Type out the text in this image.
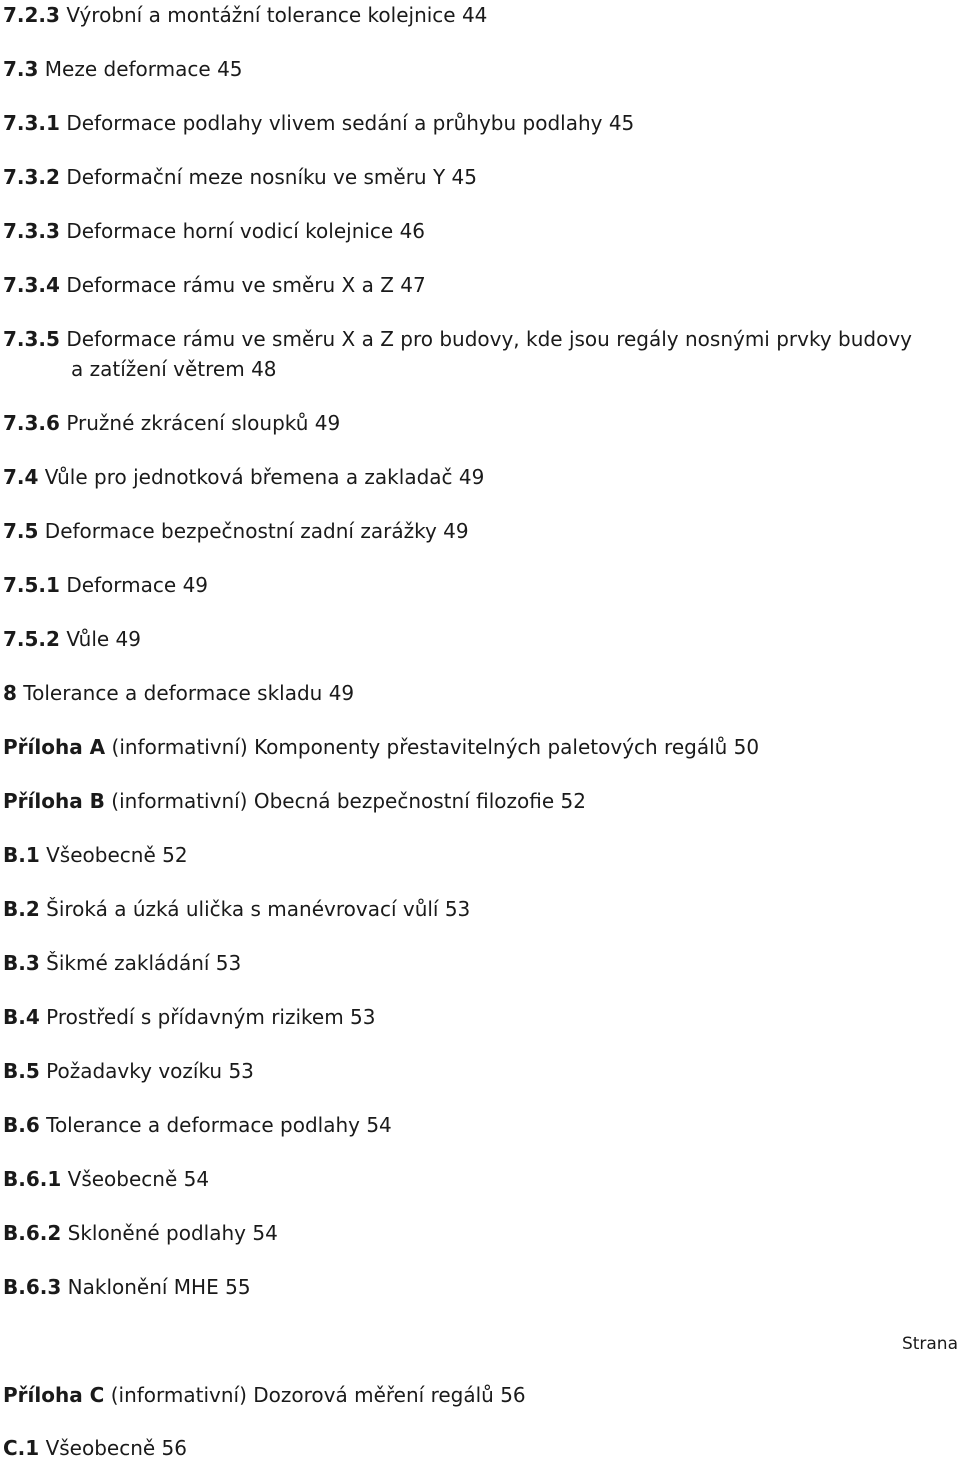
7.2.3 Výrobní a montážní tolerance kolejnice 44
7.3 Meze deformace 45
7.3.1 Deformace podlahy vlivem sedání a průhybu podlahy 45
7.3.2 Deformační meze nosníku ve směru Y 45
7.3.3 Deformace horní vodicí kolejnice 46
7.3.4 Deformace rámu ve směru X a Z 47
7.3.5 Deformace rámu ve směru X a Z pro budovy, kde jsou regály nosnými prvky budovy
a zatížení větrem 48
7.3.6 Pružné zkrácení sloupků 49
7.4 Vůle pro jednotková břemena a zakladač 49
7.5 Deformace bezpečnostní zadní zarážky 49
7.5.1 Deformace 49
7.5.2 Vůle 49
8 Tolerance a deformace skladu 49
Příloha A (informativní) Komponenty přestavitelných paletových regálů 50
Příloha B (informativní) Obecná bezpečnostní filozofie 52
B.1 Všeobecně 52
B.2 Široká a úzká ulička s manévrovací vůlí 53
B.3 Šikmé zakládání 53
B.4 Prostředí s přídavným rizikem 53
B.5 Požadavky vozíku 53
B.6 Tolerance a deformace podlahy 54
B.6.1 Všeobecně 54
B.6.2 Skloněné podlahy 54
B.6.3 Naklonění MHE 55
Strana
Příloha C (informativní) Dozorová měření regálů 56
C.1 Všeobecně 56
